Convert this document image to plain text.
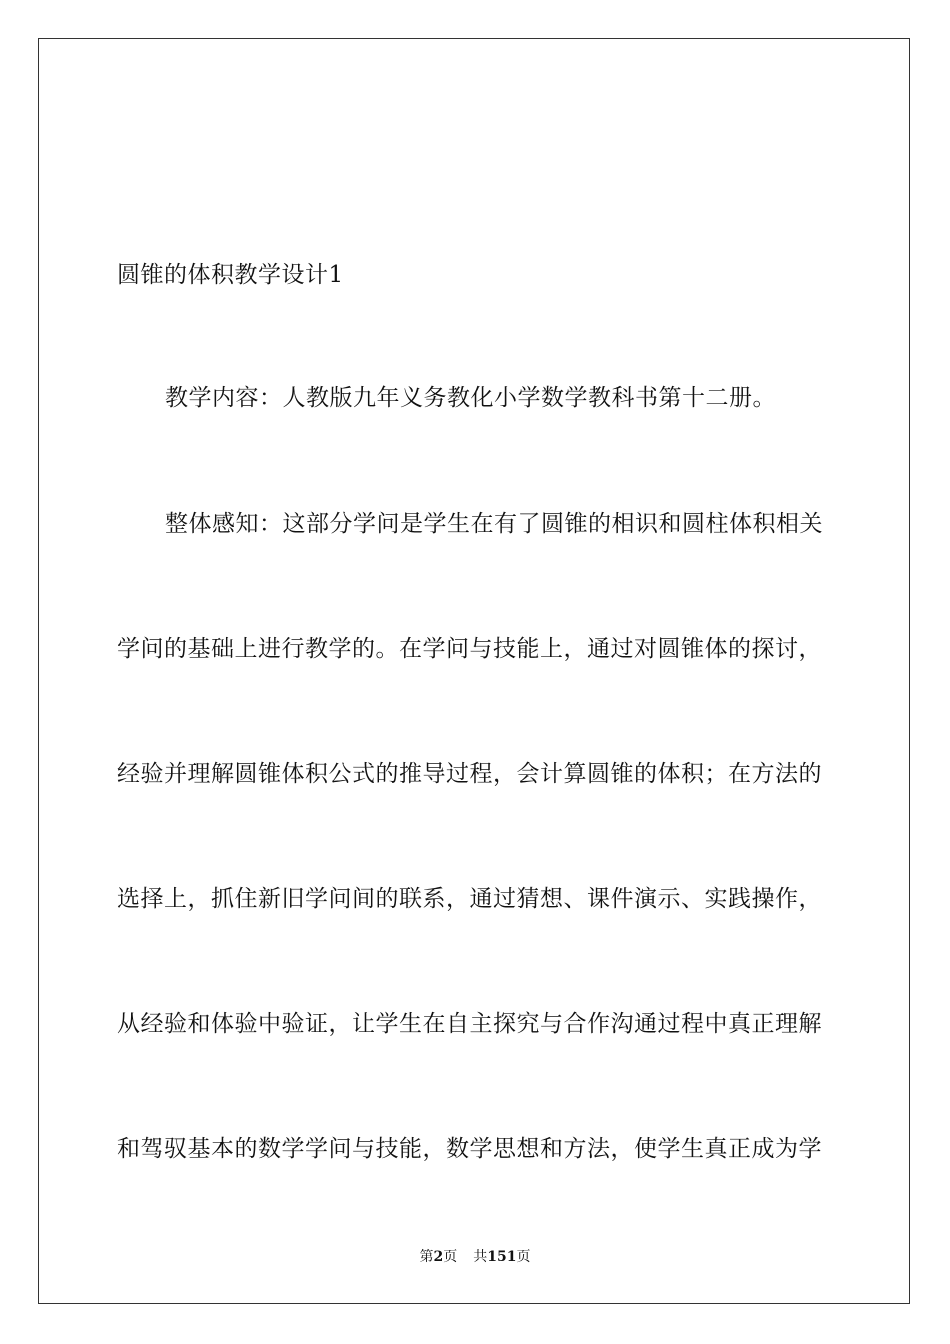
圆锥的体积教学设计1
教学内容：人教版九年义务教化小学数学教科书第十二册。
整体感知：这部分学问是学生在有了圆锥的相识和圆柱体积相关
学问的基础上进行教学的。在学问与技能上，通过对圆锥体的探讨，
经验并理解圆锥体积公式的推导过程，会计算圆锥的体积；在方法的
选择上，抓住新旧学问间的联系，通过猜想、课件演示、实践操作，
从经验和体验中验证，让学生在自主探究与合作沟通过程中真正理解
和驾驭基本的数学学问与技能，数学思想和方法，使学生真正成为学
第2页 共151页
